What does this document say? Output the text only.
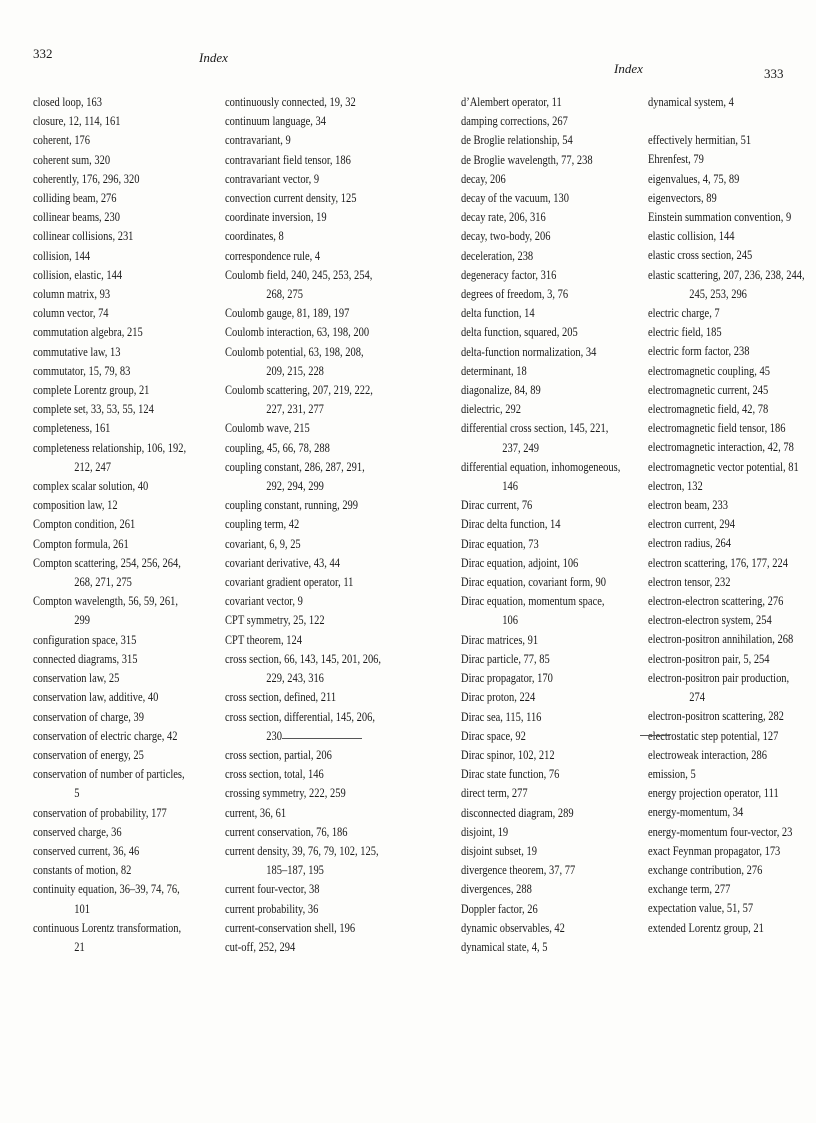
332	Index
Index	333
closed loop, 163
closure, 12, 114, 161
coherent, 176
coherent sum, 320
coherently, 176, 296, 320
colliding beam, 276
collinear beams, 230
collinear collisions, 231
collision, 144
collision, elastic, 144
column matrix, 93
column vector, 74
commutation algebra, 215
commutative law, 13
commutator, 15, 79, 83
complete Lorentz group, 21
complete set, 33, 53, 55, 124
completeness, 161
completeness relationship, 106, 192,
212, 247
complex scalar solution, 40
composition law, 12
Compton condition, 261
Compton formula, 261
Compton scattering, 254, 256, 264,
268, 271, 275
Compton wavelength, 56, 59, 261,
299
configuration space, 315
connected diagrams, 315
conservation law, 25
conservation law, additive, 40
conservation of charge, 39
conservation of electric charge, 42
conservation of energy, 25
conservation of number of particles,
5
conservation of probability, 177
conserved charge, 36
conserved current, 36, 46
constants of motion, 82
continuity equation, 36–39, 74, 76,
101
continuous Lorentz transformation,
21
continuously connected, 19, 32
continuum language, 34
contravariant, 9
contravariant field tensor, 186
contravariant vector, 9
convection current density, 125
coordinate inversion, 19
coordinates, 8
correspondence rule, 4
Coulomb field, 240, 245, 253, 254,
268, 275
Coulomb gauge, 81, 189, 197
Coulomb interaction, 63, 198, 200
Coulomb potential, 63, 198, 208,
209, 215, 228
Coulomb scattering, 207, 219, 222,
227, 231, 277
Coulomb wave, 215
coupling, 45, 66, 78, 288
coupling constant, 286, 287, 291,
292, 294, 299
coupling constant, running, 299
coupling term, 42
covariant, 6, 9, 25
covariant derivative, 43, 44
covariant gradient operator, 11
covariant vector, 9
CPT symmetry, 25, 122
CPT theorem, 124
cross section, 66, 143, 145, 201, 206,
229, 243, 316
cross section, defined, 211
cross section, differential, 145, 206,
230
cross section, partial, 206
cross section, total, 146
crossing symmetry, 222, 259
current, 36, 61
current conservation, 76, 186
current density, 39, 76, 79, 102, 125,
185–187, 195
current four-vector, 38
current probability, 36
current-conservation shell, 196
cut-off, 252, 294
d’Alembert operator, 11
damping corrections, 267
de Broglie relationship, 54
de Broglie wavelength, 77, 238
decay, 206
decay of the vacuum, 130
decay rate, 206, 316
decay, two-body, 206
deceleration, 238
degeneracy factor, 316
degrees of freedom, 3, 76
delta function, 14
delta function, squared, 205
delta-function normalization, 34
determinant, 18
diagonalize, 84, 89
dielectric, 292
differential cross section, 145, 221,
237, 249
differential equation, inhomogeneous,
146
Dirac current, 76
Dirac delta function, 14
Dirac equation, 73
Dirac equation, adjoint, 106
Dirac equation, covariant form, 90
Dirac equation, momentum space,
106
Dirac matrices, 91
Dirac particle, 77, 85
Dirac propagator, 170
Dirac proton, 224
Dirac sea, 115, 116
Dirac space, 92
Dirac spinor, 102, 212
Dirac state function, 76
direct term, 277
disconnected diagram, 289
disjoint, 19
disjoint subset, 19
divergence theorem, 37, 77
divergences, 288
Doppler factor, 26
dynamic observables, 42
dynamical state, 4, 5
dynamical system, 4
effectively hermitian, 51
Ehrenfest, 79
eigenvalues, 4, 75, 89
eigenvectors, 89
Einstein summation convention, 9
elastic collision, 144
elastic cross section, 245
elastic scattering, 207, 236, 238, 244,
245, 253, 296
electric charge, 7
electric field, 185
electric form factor, 238
electromagnetic coupling, 45
electromagnetic current, 245
electromagnetic field, 42, 78
electromagnetic field tensor, 186
electromagnetic interaction, 42, 78
electromagnetic vector potential, 81
electron, 132
electron beam, 233
electron current, 294
electron radius, 264
electron scattering, 176, 177, 224
electron tensor, 232
electron-electron scattering, 276
electron-electron system, 254
electron-positron annihilation, 268
electron-positron pair, 5, 254
electron-positron pair production,
274
electron-positron scattering, 282
electrostatic step potential, 127
electroweak interaction, 286
emission, 5
energy projection operator, 111
energy-momentum, 34
energy-momentum four-vector, 23
exact Feynman propagator, 173
exchange contribution, 276
exchange term, 277
expectation value, 51, 57
extended Lorentz group, 21
